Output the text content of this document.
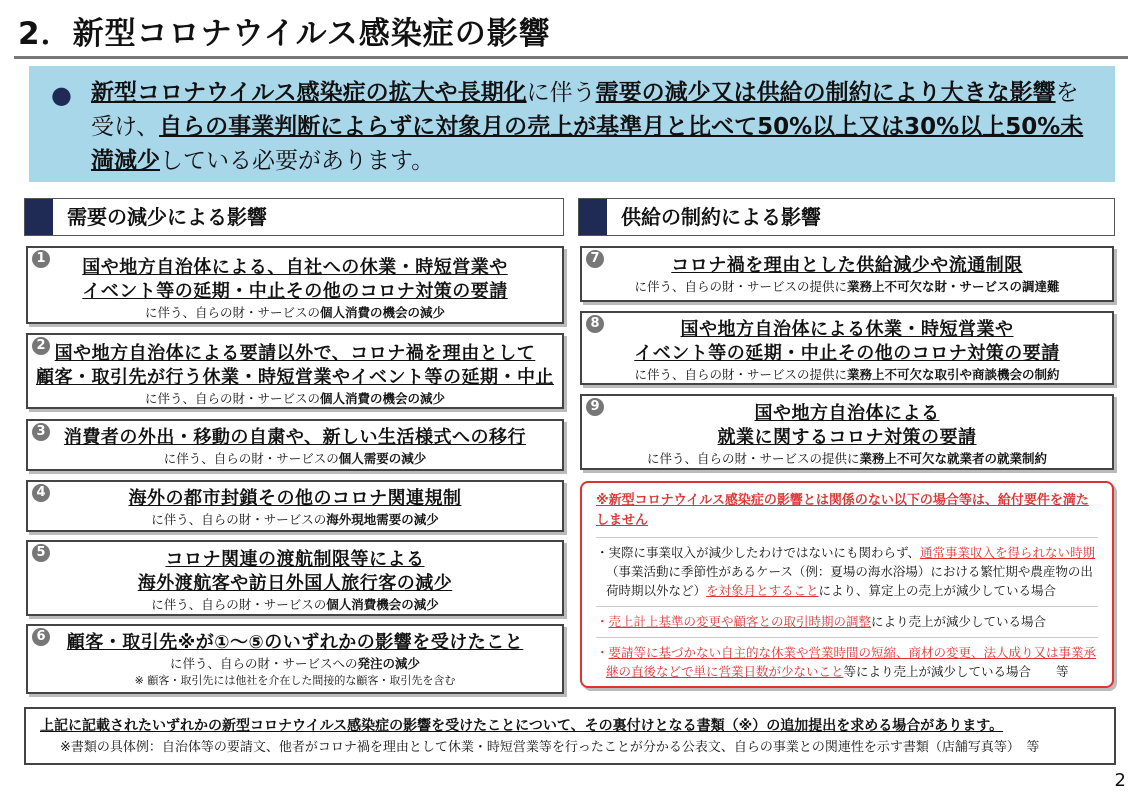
2．新型コロナウイルス感染症の影響
● 新型コロナウイルス感染症の拡大や長期化に伴う需要の減少又は供給の制約により大きな影響を受け、自らの事業判断によらずに対象月の売上が基準月と比べて50%以上又は30%以上50%未満減少している必要があります。
需要の減少による影響	供給の制約による影響
1	国や地方自治体による、自社への休業・時短営業や
イベント等の延期・中止その他のコロナ対策の要請
に伴う、自らの財・サービスの個人消費の機会の減少
2 国や地方自治体による要請以外で、コロナ禍を理由として
顧客・取引先が行う休業・時短営業やイベント等の延期・中止
に伴う、自らの財・サービスの個人消費の機会の減少
3	消費者の外出・移動の自粛や、新しい生活様式への移行
に伴う、自らの財・サービスの個人需要の減少
4	海外の都市封鎖その他のコロナ関連規制
に伴う、自らの財・サービスの海外現地需要の減少
5	コロナ関連の渡航制限等による
海外渡航客や訪日外国人旅行客の減少
に伴う、自らの財・サービスの個人消費機会の減少
6	顧客・取引先※が①～⑤のいずれかの影響を受けたこと
に伴う、自らの財・サービスへの発注の減少
※ 顧客・取引先には他社を介在した間接的な顧客・取引先を含む
7	コロナ禍を理由とした供給減少や流通制限
に伴う、自らの財・サービスの提供に業務上不可欠な財・サービスの調達難
8	国や地方自治体による休業・時短営業や
イベント等の延期・中止その他のコロナ対策の要請
に伴う、自らの財・サービスの提供に業務上不可欠な取引や商談機会の制約
9	国や地方自治体による
就業に関するコロナ対策の要請
に伴う、自らの財・サービスの提供に業務上不可欠な就業者の就業制約
※新型コロナウイルス感染症の影響とは関係のない以下の場合等は、給付要件を満たしません
・実際に事業収入が減少したわけではないにも関わらず、通常事業収入を得られない時期（事業活動に季節性があるケース（例：夏場の海水浴場）における繁忙期や農産物の出荷時期以外など）を対象月とすることにより、算定上の売上が減少している場合
・売上計上基準の変更や顧客との取引時期の調整により売上が減少している場合
・要請等に基づかない自主的な休業や営業時間の短縮、商材の変更、法人成り又は事業承継の直後などで単に営業日数が少ないこと等により売上が減少している場合　　等
上記に記載されたいずれかの新型コロナウイルス感染症の影響を受けたことについて、その裏付けとなる書類（※）の追加提出を求める場合があります。
※書類の具体例：自治体等の要請文、他者がコロナ禍を理由として休業・時短営業等を行ったことが分かる公表文、自らの事業との関連性を示す書類（店舗写真等）　等
2
